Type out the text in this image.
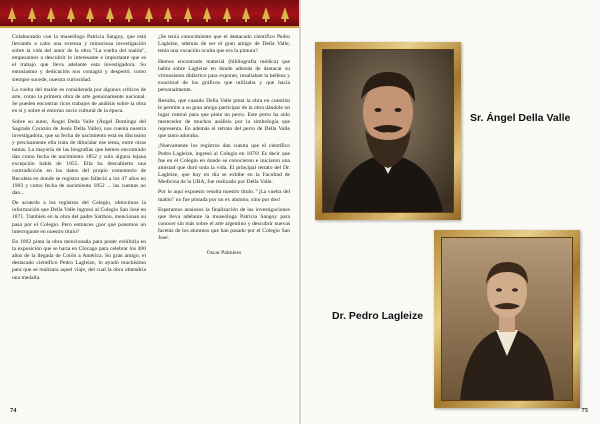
Colaborando con la museóloga Patricia Sangoy, que está llevando a cabo una extensa y minuciosa investigación sobre la vida del autor de la obra "La vuelta del malón", empezamos a descubrir lo interesante e importante que es el trabajo que lleva adelante esta investigadora. Su entusiasmo y dedicación nos contagió y despertó, como siempre sucede, nuestra curiosidad.

La vuelta del malón es considerada por algunos críticos de arte, como la primera obra de arte genuinamente nacional. Se pueden encontrar ricos trabajos de análisis sobre la obra en sí y sobre el entorno socio cultural de la época.

Sobre su autor, Ángel Della Valle (Ángel Domingo del Sagrado Corazón de Jesús Della Valle), nos cuenta nuestra investigadora, que su fecha de nacimiento está en discusión y precisamente ella trata de dilucidar ese tema, entre otras tantas. La mayoría de las biografías que hemos encontrado dan como fecha de nacimiento 1852 y solo alguna lejana excepción habla de 1855. Ella ha descubierto una contradicción en los datos del propio cementerio de Recoleta en donde se registra que falleció a los 47 años en 1903 y como fecha de nacimiento 1852 ... las cuentas no dan...

De acuerdo a los registros del Colegio, obtuvimos la información que Della Valle ingresó al Colegio San José en 1871. También en la obra del padre Sarthou, mencionan su paso por el Colegio. Pero entonces ¿por qué ponemos un interrogante en nuestro título?

En 1892 pinta la obra mencionada para poder exhibirla en la exposición que se haría en Chicago para celebrar los 400 años de la llegada de Colón a América. Su gran amigo, el destacado científico Pedro Lagleize, lo ayudó muchísimo para que se realizara aquel viaje, del cual la obra obtendría una medalla.

¿Se tenía conocimiento que el destacado científico Pedro Lagleize, además de ser el gran amigo de Della Valle, tenía una vocación oculta que era la pintura?

Hemos encontrado material (bibliografía médica) que habla sobre Lagleize en donde además de destacar su virtuosismo didáctico para exponer, resaltaban la belleza y exactitud de los gráficos que utilizaba y que hacía personalmente.

Resulta, que cuando Della Valle pinta la obra en cuestión le permite a su gran amigo participar de la obra dándole un lugar central para que pinte un perro. Este perro ha sido merecedor de muchos análisis por la simbología que representa. En además el retrato del perro de Della Valle que tanto adoraba.

¡Nuevamente los registros dan cuenta que el científico Pedro Lagleize, ingresó al Colegio en 1870! Es decir que fue en el Colegio en donde se conocieron e iniciaron una amistad que duró toda la vida. El principal retrato del Dr. Lagleize, que hoy en día se exhibe en la Facultad de Medicina de la UBA, fue realizado por Della Valle.

Por lo aquí expuesto resulta nuestro título. "¡La vuelta del malón" no fue pintada por un ex alumno, sino por dos!

Esperamos ansiosos la finalización de las investigaciones que lleva adelante la museóloga Patricia Sangoy para conocer sin más sobre el arte argentino y descubrir nuevas facetas de los alumnos que han pasado por el Colegio San José.

Oscar Palmiero

74
Sr. Ángel Della Valle
Dr. Pedro Lagleize
75
